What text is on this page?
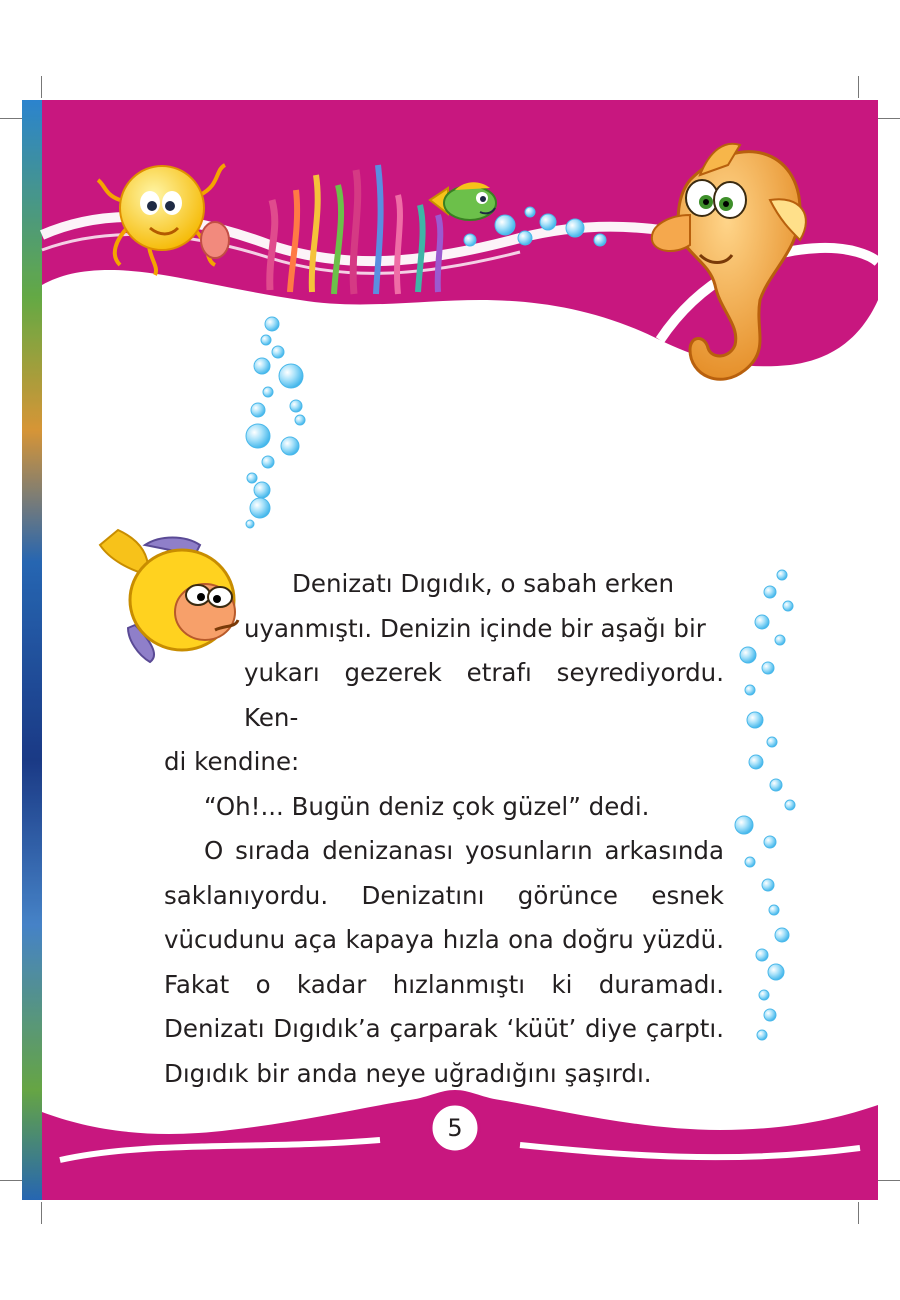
Denizatı Dıgıdık, o sabah erken

uyanmıştı. Denizin içinde bir aşağı bir

yukarı gezerek etrafı seyrediyordu. Ken-

di kendine:

“Oh!... Bugün deniz çok güzel” dedi.

O sırada denizanası yosunların arkasında saklanıyordu. Denizatını görünce esnek vücudunu aça kapaya hızla ona doğru yüzdü. Fakat o kadar hızlanmıştı ki duramadı. Denizatı Dıgıdık’a çarparak ‘küüt’ diye çarptı. Dıgıdık bir anda neye uğradığını şaşırdı.

5
